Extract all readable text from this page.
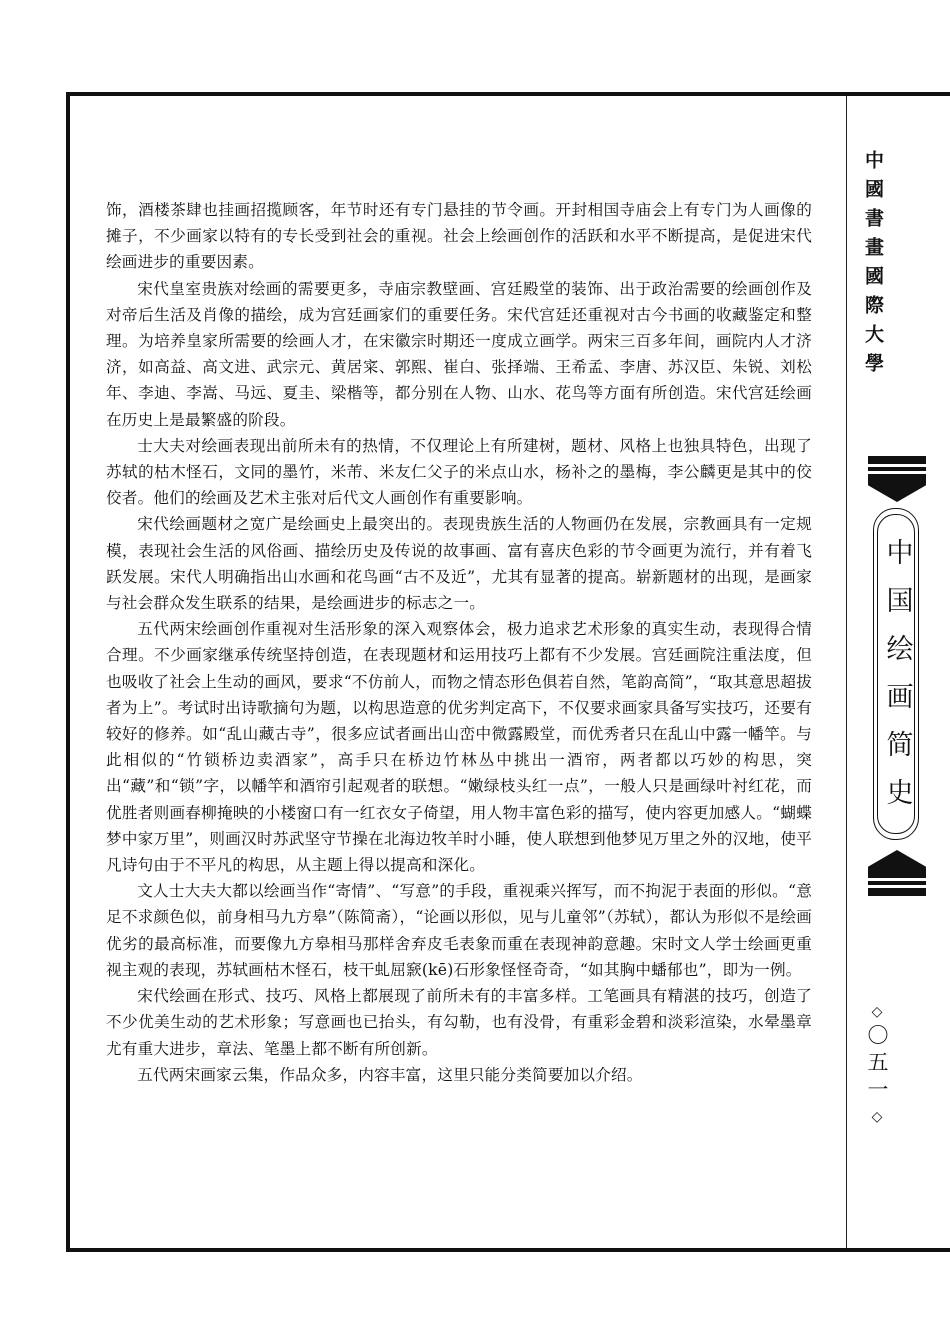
饰，酒楼茶肆也挂画招揽顾客，年节时还有专门悬挂的节令画。开封相国寺庙会上有专门为人画像的摊子，不少画家以特有的专长受到社会的重视。社会上绘画创作的活跃和水平不断提高，是促进宋代绘画进步的重要因素。

宋代皇室贵族对绘画的需要更多，寺庙宗教壁画、宫廷殿堂的装饰、出于政治需要的绘画创作及对帝后生活及肖像的描绘，成为宫廷画家们的重要任务。宋代宫廷还重视对古今书画的收藏鉴定和整理。为培养皇家所需要的绘画人才，在宋徽宗时期还一度成立画学。两宋三百多年间，画院内人才济济，如高益、高文进、武宗元、黄居寀、郭熙、崔白、张择端、王希孟、李唐、苏汉臣、朱锐、刘松年、李迪、李嵩、马远、夏圭、梁楷等，都分别在人物、山水、花鸟等方面有所创造。宋代宫廷绘画在历史上是最繁盛的阶段。

士大夫对绘画表现出前所未有的热情，不仅理论上有所建树，题材、风格上也独具特色，出现了苏轼的枯木怪石，文同的墨竹，米芾、米友仁父子的米点山水，杨补之的墨梅，李公麟更是其中的佼佼者。他们的绘画及艺术主张对后代文人画创作有重要影响。

宋代绘画题材之宽广是绘画史上最突出的。表现贵族生活的人物画仍在发展，宗教画具有一定规模，表现社会生活的风俗画、描绘历史及传说的故事画、富有喜庆色彩的节令画更为流行，并有着飞跃发展。宋代人明确指出山水画和花鸟画“古不及近”，尤其有显著的提高。崭新题材的出现，是画家与社会群众发生联系的结果，是绘画进步的标志之一。

五代两宋绘画创作重视对生活形象的深入观察体会，极力追求艺术形象的真实生动，表现得合情合理。不少画家继承传统坚持创造，在表现题材和运用技巧上都有不少发展。宫廷画院注重法度，但也吸收了社会上生动的画风，要求“不仿前人，而物之情态形色俱若自然，笔韵高简”，“取其意思超拔者为上”。考试时出诗歌摘句为题，以构思造意的优劣判定高下，不仅要求画家具备写实技巧，还要有较好的修养。如“乱山藏古寺”，很多应试者画出山峦中微露殿堂，而优秀者只在乱山中露一幡竿。与此相似的“竹锁桥边卖酒家”，高手只在桥边竹林丛中挑出一酒帘，两者都以巧妙的构思，突出“藏”和“锁”字，以幡竿和酒帘引起观者的联想。“嫩绿枝头红一点”，一般人只是画绿叶衬红花，而优胜者则画春柳掩映的小楼窗口有一红衣女子倚望，用人物丰富色彩的描写，使内容更加感人。“蝴蝶梦中家万里”，则画汉时苏武坚守节操在北海边牧羊时小睡，使人联想到他梦见万里之外的汉地，使平凡诗句由于不平凡的构思，从主题上得以提高和深化。

文人士大夫大都以绘画当作“寄情”、“写意”的手段，重视乘兴挥写，而不拘泥于表面的形似。“意足不求颜色似，前身相马九方皋”（陈简斋），“论画以形似，见与儿童邻”（苏轼），都认为形似不是绘画优劣的最高标准，而要像九方皋相马那样舍弃皮毛表象而重在表现神韵意趣。宋时文人学士绘画更重视主观的表现，苏轼画枯木怪石，枝干虬屈窾(kē)石形象怪怪奇奇，“如其胸中蟠郁也”，即为一例。

宋代绘画在形式、技巧、风格上都展现了前所未有的丰富多样。工笔画具有精湛的技巧，创造了不少优美生动的艺术形象；写意画也已抬头，有勾勒，也有没骨，有重彩金碧和淡彩渲染，水晕墨章尤有重大进步，章法、笔墨上都不断有所创新。

五代两宋画家云集，作品众多，内容丰富，这里只能分类简要加以介绍。

中國書畫國際大學
中国绘画简史
◇
〇五一
◇
